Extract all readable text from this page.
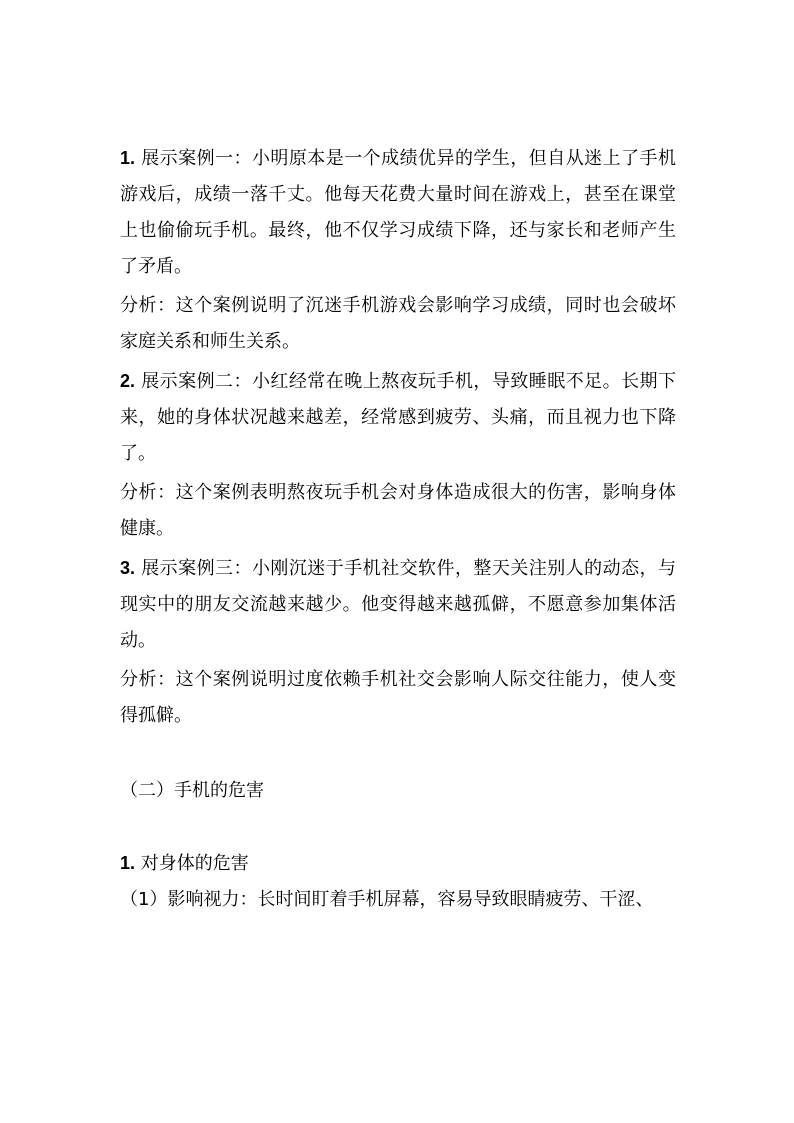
1. 展示案例一：小明原本是一个成绩优异的学生，但自从迷上了手机游戏后，成绩一落千丈。他每天花费大量时间在游戏上，甚至在课堂上也偷偷玩手机。最终，他不仅学习成绩下降，还与家长和老师产生了矛盾。

分析：这个案例说明了沉迷手机游戏会影响学习成绩，同时也会破坏家庭关系和师生关系。

2. 展示案例二：小红经常在晚上熬夜玩手机，导致睡眠不足。长期下来，她的身体状况越来越差，经常感到疲劳、头痛，而且视力也下降了。

分析：这个案例表明熬夜玩手机会对身体造成很大的伤害，影响身体健康。

3. 展示案例三：小刚沉迷于手机社交软件，整天关注别人的动态，与现实中的朋友交流越来越少。他变得越来越孤僻，不愿意参加集体活动。

分析：这个案例说明过度依赖手机社交会影响人际交往能力，使人变得孤僻。

（二）手机的危害

1. 对身体的危害

（1）影响视力：长时间盯着手机屏幕，容易导致眼睛疲劳、干涩、
